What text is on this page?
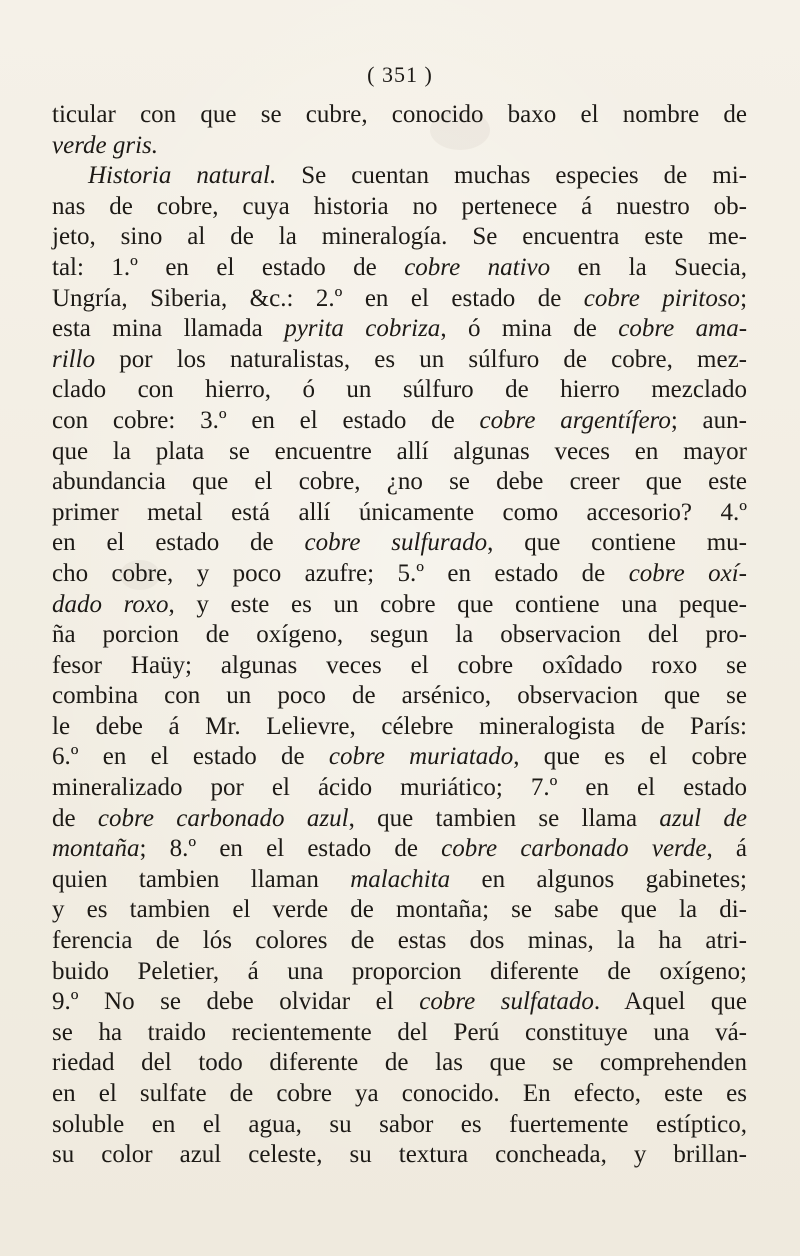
( 351 )
ticular con que se cubre, conocido baxo el nombre de
verde gris.
Historia natural. Se cuentan muchas especies de mi-
nas de cobre, cuya historia no pertenece á nuestro ob-
jeto, sino al de la mineralogía. Se encuentra este me-
tal: 1.º en el estado de cobre nativo en la Suecia,
Ungría, Siberia, &c.: 2.º en el estado de cobre piritoso;
esta mina llamada pyrita cobriza, ó mina de cobre ama-
rillo por los naturalistas, es un súlfuro de cobre, mez-
clado con hierro, ó un súlfuro de hierro mezclado
con cobre: 3.º en el estado de cobre argentífero; aun-
que la plata se encuentre allí algunas veces en mayor
abundancia que el cobre, ¿no se debe creer que este
primer metal está allí únicamente como accesorio? 4.º
en el estado de cobre sulfurado, que contiene mu-
cho cobre, y poco azufre; 5.º en estado de cobre oxí-
dado roxo, y este es un cobre que contiene una peque-
ña porcion de oxígeno, segun la observacion del pro-
fesor Haüy; algunas veces el cobre oxîdado roxo se
combina con un poco de arsénico, observacion que se
le debe á Mr. Lelievre, célebre mineralogista de París:
6.º en el estado de cobre muriatado, que es el cobre
mineralizado por el ácido muriático; 7.º en el estado
de cobre carbonado azul, que tambien se llama azul de
montaña; 8.º en el estado de cobre carbonado verde, á
quien tambien llaman malachita en algunos gabinetes;
y es tambien el verde de montaña; se sabe que la di-
ferencia de lós colores de estas dos minas, la ha atri-
buido Peletier, á una proporcion diferente de oxígeno;
9.º No se debe olvidar el cobre sulfatado. Aquel que
se ha traido recientemente del Perú constituye una vá-
riedad del todo diferente de las que se comprehenden
en el sulfate de cobre ya conocido. En efecto, este es
soluble en el agua, su sabor es fuertemente estíptico,
su color azul celeste, su textura concheada, y brillan-
